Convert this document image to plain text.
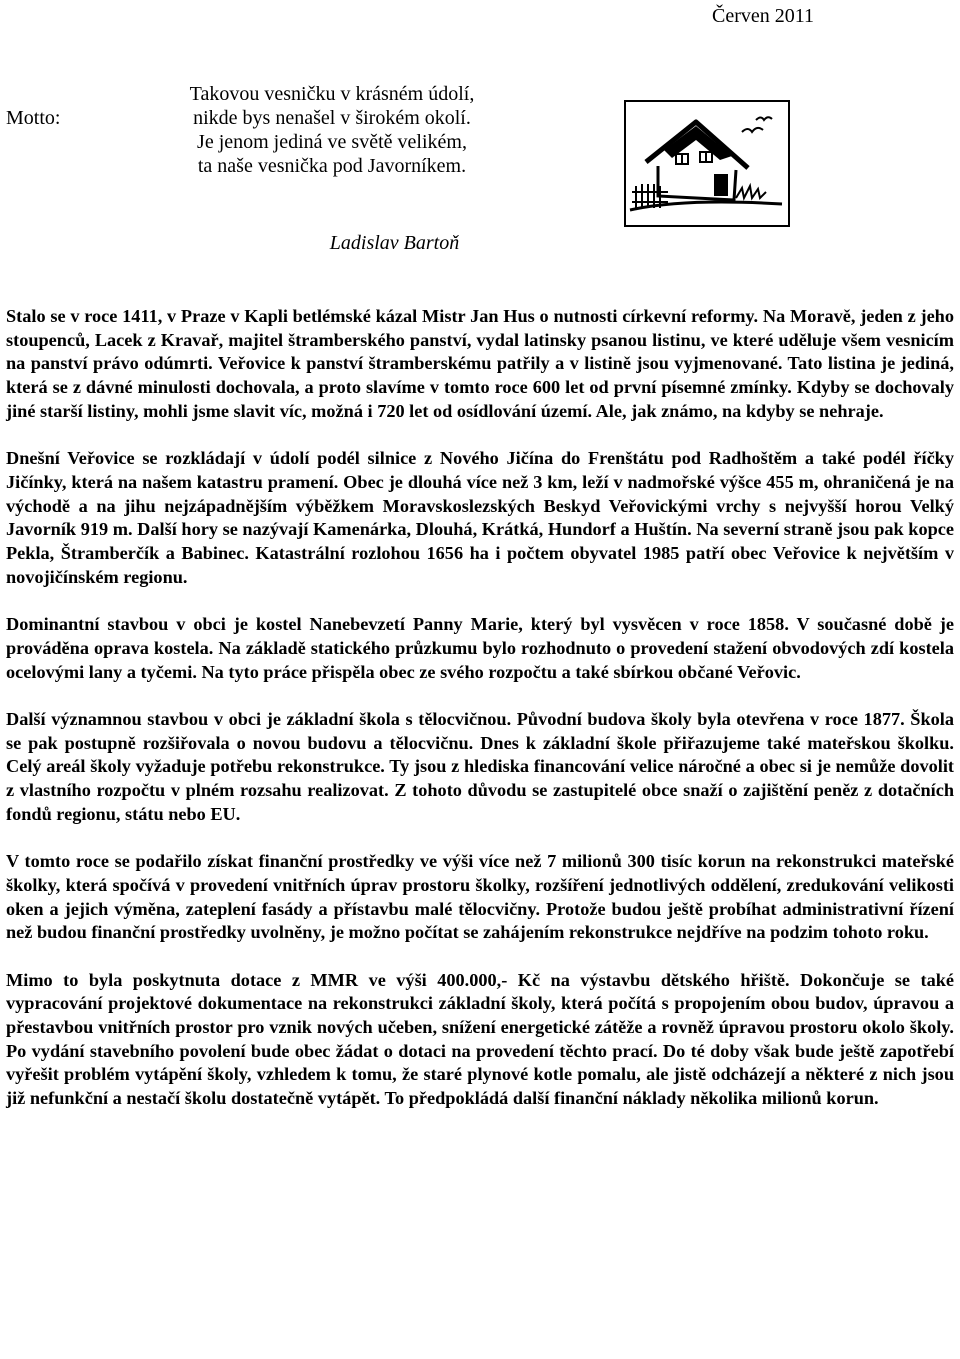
Červen 2011
Motto:
Takovou vesničku v krásném údolí,
nikde bys nenašel v širokém okolí.
Je jenom jediná ve světě velikém,
ta naše vesnička pod Javorníkem.
Ladislav Bartoň

Stalo se v roce 1411, v Praze v Kapli betlémské kázal Mistr Jan Hus o nutnosti církevní reformy. Na Moravě, jeden z jeho stoupenců, Lacek z Kravař, majitel štramberského panství, vydal latinsky psanou listinu, ve které uděluje všem vesnicím na panství právo odúmrti. Veřovice k panství štramberskému patřily a v listině jsou vyjmenované. Tato listina je jediná, která se z dávné minulosti dochovala, a proto slavíme v tomto roce 600 let od první písemné zmínky. Kdyby se dochovaly jiné starší listiny, mohli jsme slavit víc, možná i 720 let od osídlování území. Ale, jak známo, na kdyby se nehraje.

Dnešní Veřovice se rozkládají v údolí podél silnice z Nového Jičína do Frenštátu pod Radhoštěm a také podél říčky Jičínky, která na našem katastru pramení. Obec je dlouhá více než 3 km, leží v nadmořské výšce 455 m, ohraničená je na východě a na jihu nejzápadnějším výběžkem Moravskoslezských Beskyd Veřovickými vrchy s nejvyšší horou Velký Javorník 919 m. Další hory se nazývají Kamenárka, Dlouhá, Krátká, Hundorf a Huštín. Na severní straně jsou pak kopce Pekla, Štramberčík a Babinec. Katastrální rozlohou 1656 ha i počtem obyvatel 1985 patří obec Veřovice k největším v novojičínském regionu.

Dominantní stavbou v obci je kostel Nanebevzetí Panny Marie, který byl vysvěcen v roce 1858. V současné době je prováděna oprava kostela. Na základě statického průzkumu bylo rozhodnuto o provedení stažení obvodových zdí kostela ocelovými lany a tyčemi. Na tyto práce přispěla obec ze svého rozpočtu a také sbírkou občané Veřovic.

Další významnou stavbou v obci je základní škola s tělocvičnou. Původní budova školy byla otevřena v roce 1877. Škola se pak postupně rozšiřovala o novou budovu a tělocvičnu. Dnes k základní škole přiřazujeme také mateřskou školku. Celý areál školy vyžaduje potřebu rekonstrukce. Ty jsou z hlediska financování velice náročné a obec si je nemůže dovolit z vlastního rozpočtu v plném rozsahu realizovat. Z tohoto důvodu se zastupitelé obce snaží o zajištění peněz z dotačních fondů regionu, státu nebo EU.

V tomto roce se podařilo získat finanční prostředky ve výši více než 7 milionů 300 tisíc korun na rekonstrukci mateřské školky, která spočívá v provedení vnitřních úprav prostoru školky, rozšíření jednotlivých oddělení, zredukování velikosti oken a jejich výměna, zateplení fasády a přístavbu malé tělocvičny. Protože budou ještě probíhat administrativní řízení než budou finanční prostředky uvolněny, je možno počítat se zahájením rekonstrukce nejdříve na podzim tohoto roku.

Mimo to byla poskytnuta dotace z MMR ve výši 400.000,- Kč na výstavbu dětského hřiště. Dokončuje se také vypracování projektové dokumentace na rekonstrukci základní školy, která počítá s propojením obou budov, úpravou a přestavbou vnitřních prostor pro vznik nových učeben, snížení energetické zátěže a rovněž úpravou prostoru okolo školy. Po vydání stavebního povolení bude obec žádat o dotaci na provedení těchto prací. Do té doby však bude ještě zapotřebí vyřešit problém vytápění školy, vzhledem k tomu, že staré plynové kotle pomalu, ale jistě odcházejí a některé z nich jsou již nefunkční a nestačí školu dostatečně vytápět. To předpokládá další finanční náklady několika milionů korun.
